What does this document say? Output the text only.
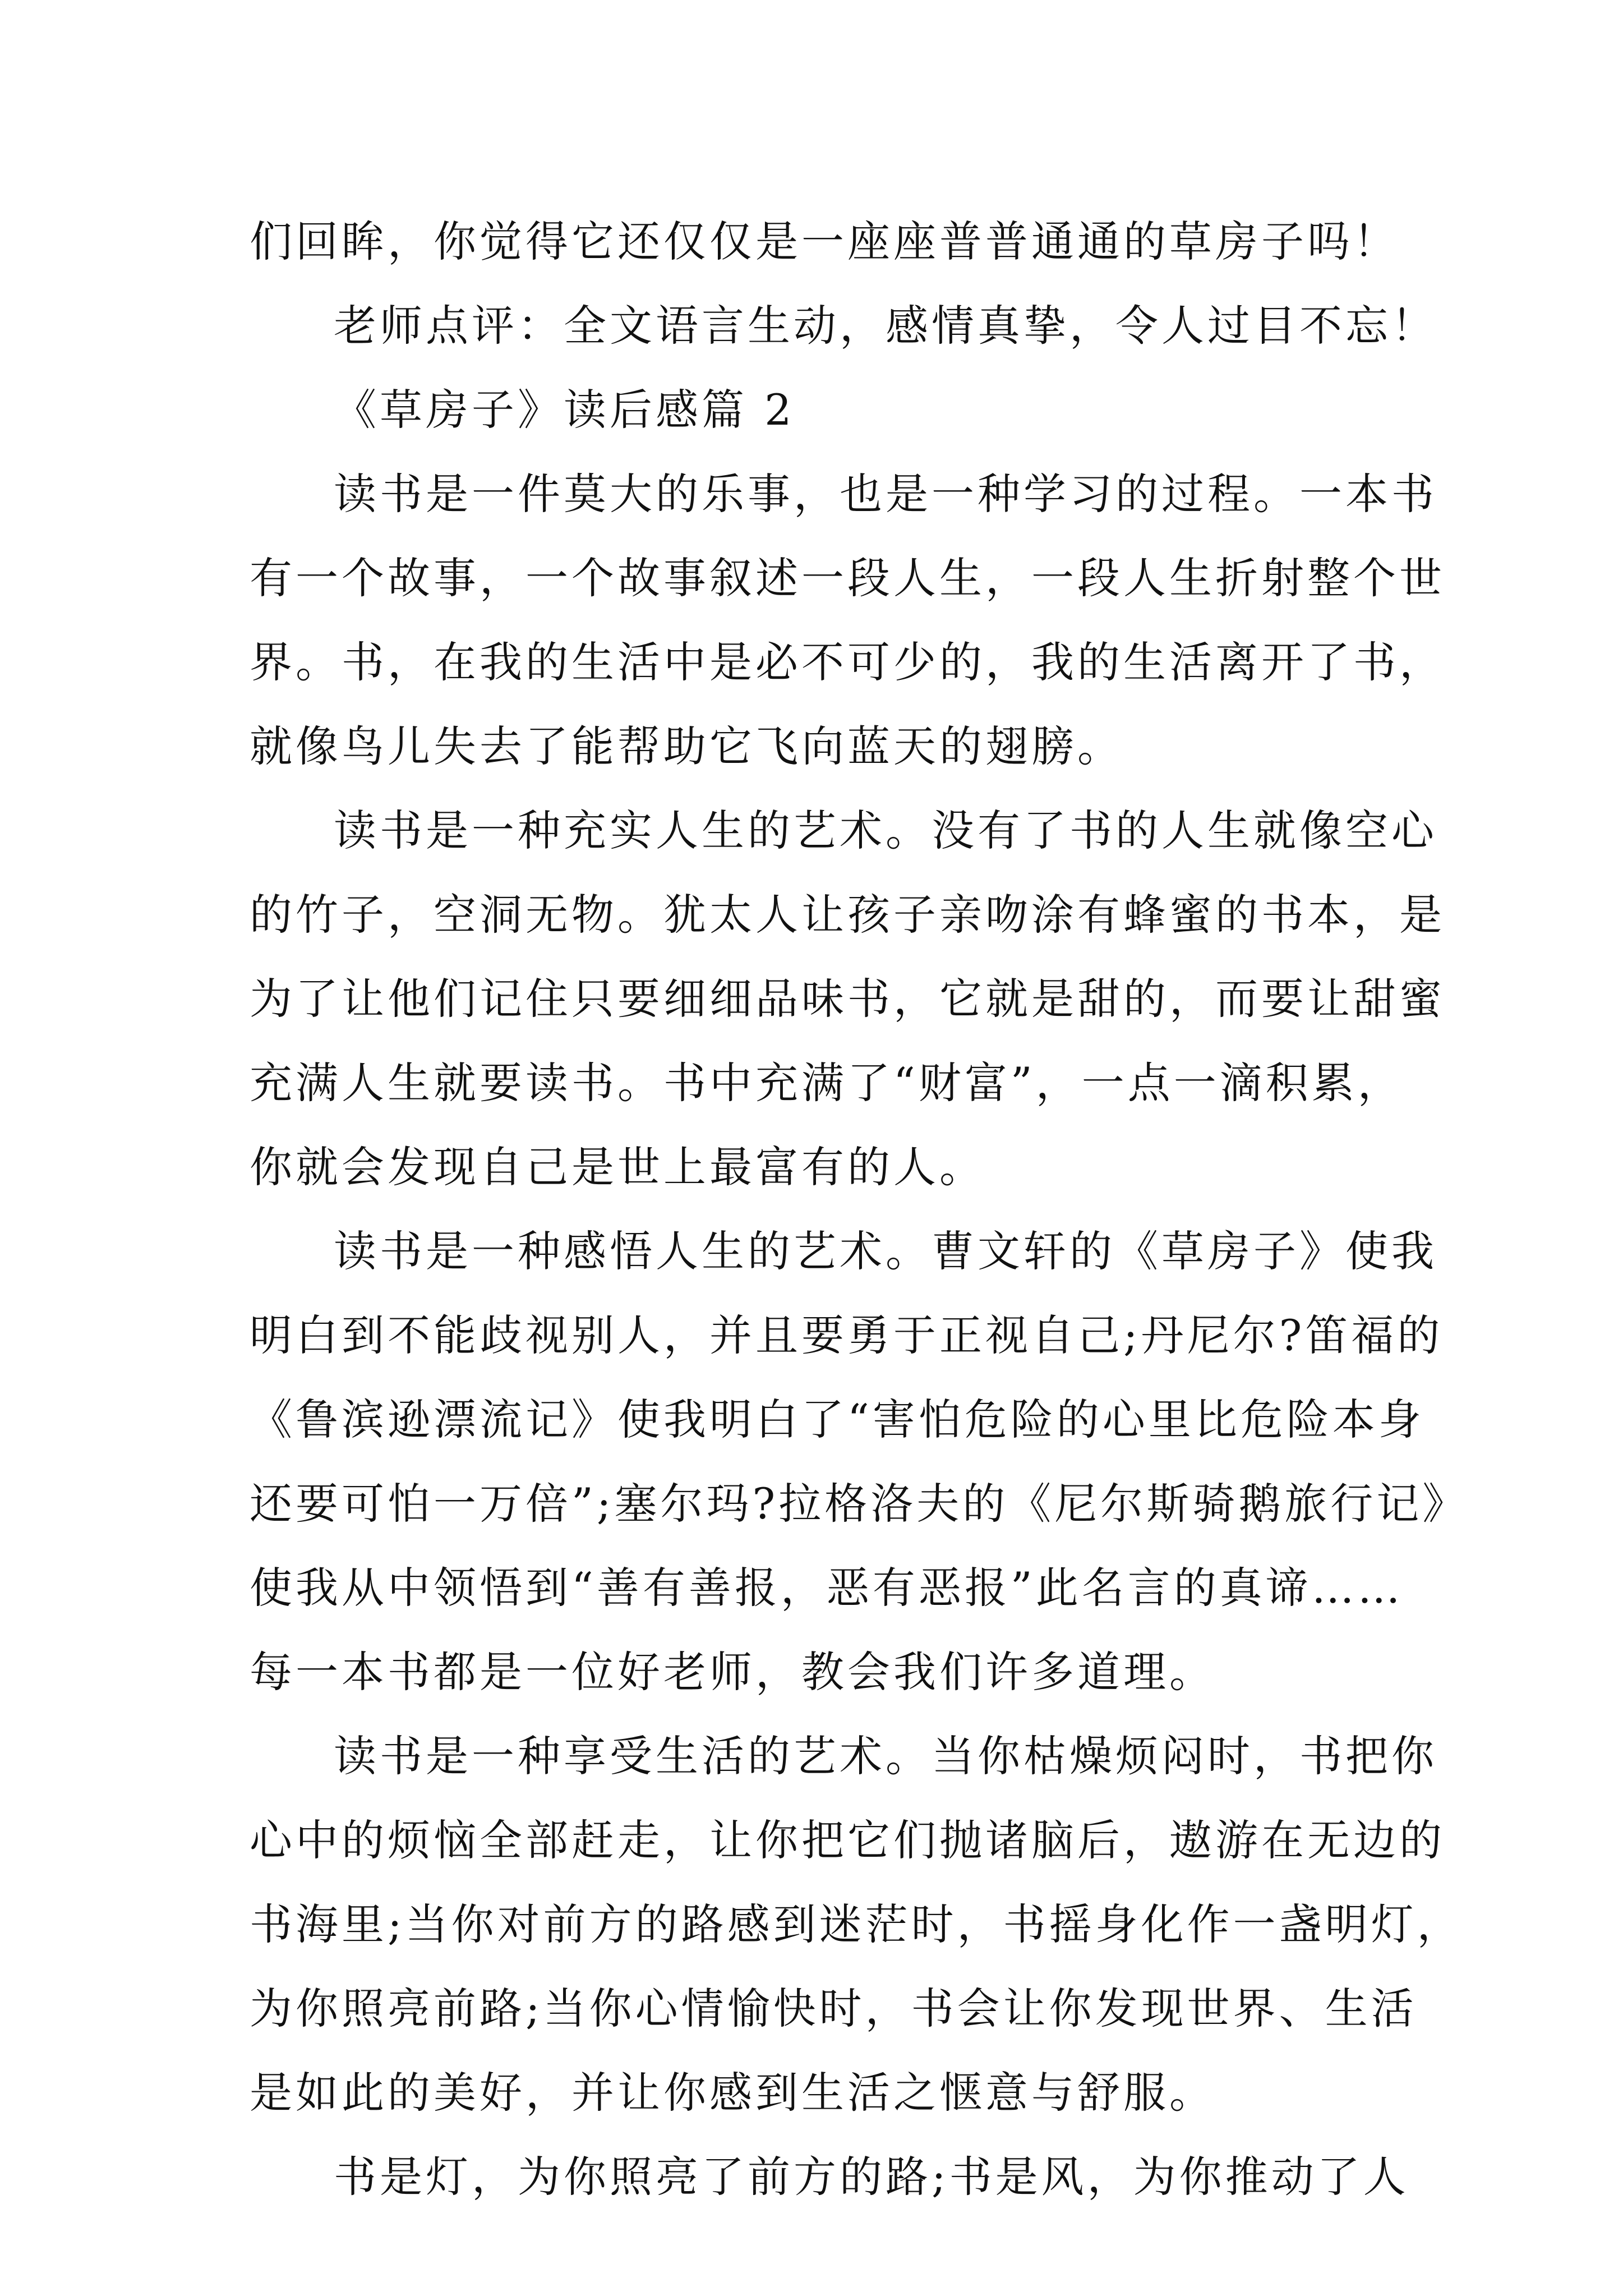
们回眸，你觉得它还仅仅是一座座普普通通的草房子吗！
老师点评：全文语言生动，感情真挚，令人过目不忘！
《草房子》读后感篇 2
读书是一件莫大的乐事，也是一种学习的过程。一本书
有一个故事，一个故事叙述一段人生，一段人生折射整个世
界。书，在我的生活中是必不可少的，我的生活离开了书，
就像鸟儿失去了能帮助它飞向蓝天的翅膀。
读书是一种充实人生的艺术。没有了书的人生就像空心
的竹子，空洞无物。犹太人让孩子亲吻涂有蜂蜜的书本，是
为了让他们记住只要细细品味书，它就是甜的，而要让甜蜜
充满人生就要读书。书中充满了“财富”，一点一滴积累，
你就会发现自己是世上最富有的人。
读书是一种感悟人生的艺术。曹文轩的《草房子》使我
明白到不能歧视别人，并且要勇于正视自己;丹尼尔?笛福的
《鲁滨逊漂流记》使我明白了“害怕危险的心里比危险本身
还要可怕一万倍”;塞尔玛?拉格洛夫的《尼尔斯骑鹅旅行记》
使我从中领悟到“善有善报，恶有恶报”此名言的真谛……
每一本书都是一位好老师，教会我们许多道理。
读书是一种享受生活的艺术。当你枯燥烦闷时，书把你
心中的烦恼全部赶走，让你把它们抛诸脑后，遨游在无边的
书海里;当你对前方的路感到迷茫时，书摇身化作一盏明灯，
为你照亮前路;当你心情愉快时，书会让你发现世界、生活
是如此的美好，并让你感到生活之惬意与舒服。
书是灯，为你照亮了前方的路;书是风，为你推动了人
